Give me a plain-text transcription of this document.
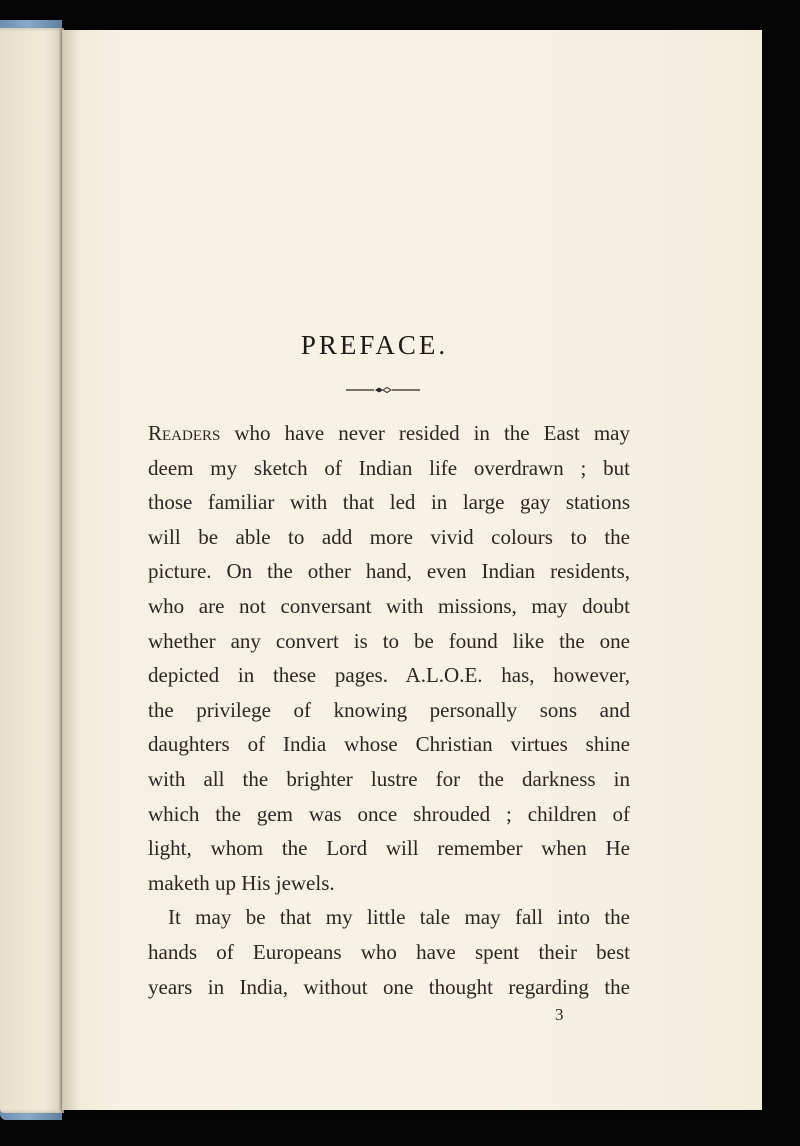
PREFACE.
Readers who have never resided in the East may
deem my sketch of Indian life overdrawn ; but
those familiar with that led in large gay stations
will be able to add more vivid colours to the
picture. On the other hand, even Indian residents,
who are not conversant with missions, may doubt
whether any convert is to be found like the one
depicted in these pages. A.L.O.E. has, however,
the privilege of knowing personally sons and
daughters of India whose Christian virtues shine
with all the brighter lustre for the darkness in
which the gem was once shrouded ; children of
light, whom the Lord will remember when He
maketh up His jewels.
It may be that my little tale may fall into the
hands of Europeans who have spent their best
years in India, without one thought regarding the
3
